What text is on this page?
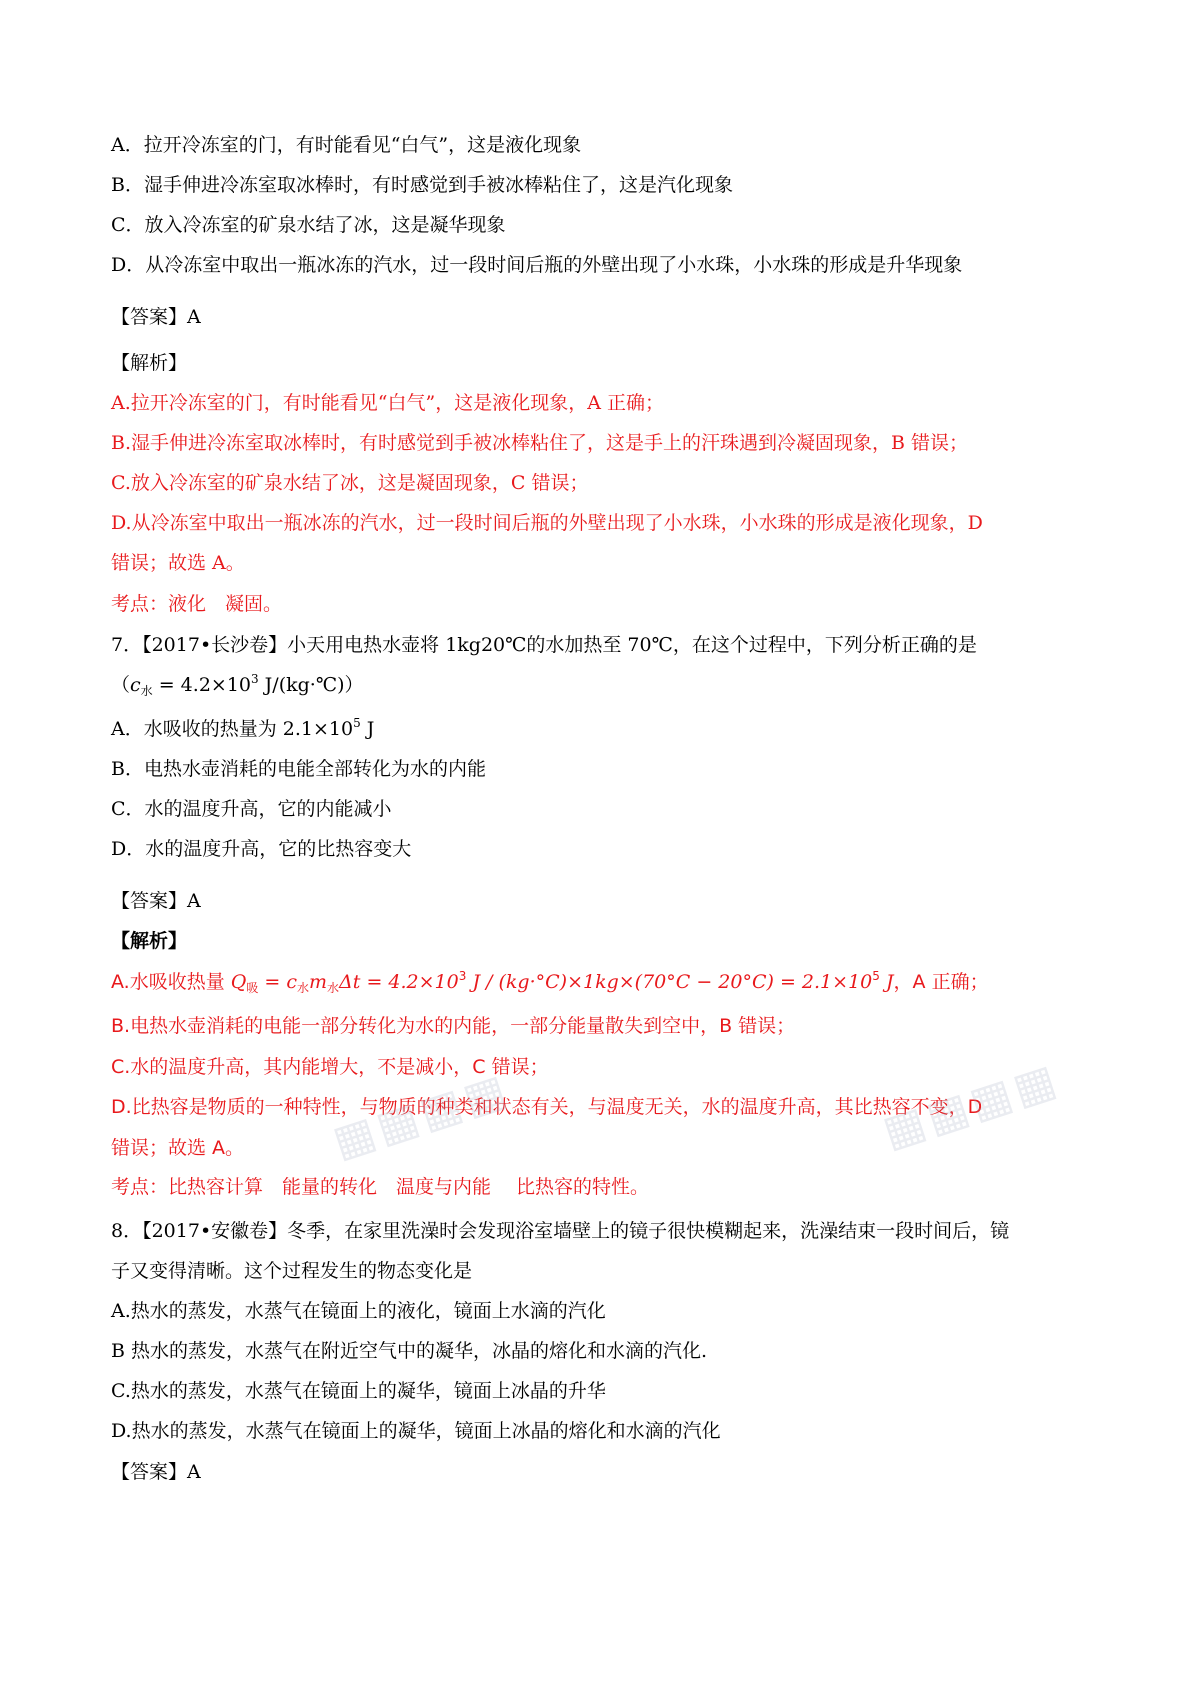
A．拉开冷冻室的门，有时能看见“白气”，这是液化现象
B．湿手伸进冷冻室取冰棒时，有时感觉到手被冰棒粘住了，这是汽化现象
C．放入冷冻室的矿泉水结了冰，这是凝华现象
D．从冷冻室中取出一瓶冰冻的汽水，过一段时间后瓶的外壁出现了小水珠，小水珠的形成是升华现象
【答案】A
【解析】
A.拉开冷冻室的门，有时能看见“白气”，这是液化现象，A 正确；
B.湿手伸进冷冻室取冰棒时，有时感觉到手被冰棒粘住了，这是手上的汗珠遇到冷凝固现象，B 错误；
C.放入冷冻室的矿泉水结了冰，这是凝固现象，C 错误；
D.从冷冻室中取出一瓶冰冻的汽水，过一段时间后瓶的外壁出现了小水珠，小水珠的形成是液化现象，D
错误；故选 A。
考点：液化　凝固。
7．【2017•长沙卷】小天用电热水壶将 1kg20℃的水加热至 70℃，在这个过程中，下列分析正确的是
（$c_水 = 4.2\times 10^3$ J/(kg·℃)）
A．水吸收的热量为 $2.1\times 10^5$ J
B．电热水壶消耗的电能全部转化为水的内能
C．水的温度升高，它的内能减小
D．水的温度升高，它的比热容变大
【答案】A
【解析】
A.水吸收热量 $Q_吸 = c_水m_水\Delta t = 4.2\times 10^3$ $J / (kg\cdot^\circ C)\times 1kg\times(70^\circ C - 20^\circ C) = 2.1\times 10^5$ J，A 正确；
B.电热水壶消耗的电能一部分转化为水的内能，一部分能量散失到空中，B 错误；
C.水的温度升高，其内能增大，不是减小，C 错误；
D.比热容是物质的一种特性，与物质的种类和状态有关，与温度无关，水的温度升高，其比热容不变，D
错误；故选 A。
考点：比热容计算　能量的转化　温度与内能　 比热容的特性。
▦▦▦▦	▦▦▦▦
8．【2017•安徽卷】冬季，在家里洗澡时会发现浴室墙壁上的镜子很快模糊起来，洗澡结束一段时间后，镜
子又变得清晰。这个过程发生的物态变化是
A.热水的蒸发，水蒸气在镜面上的液化，镜面上水滴的汽化
B 热水的蒸发，水蒸气在附近空气中的凝华，冰晶的熔化和水滴的汽化.
C.热水的蒸发，水蒸气在镜面上的凝华，镜面上冰晶的升华
D.热水的蒸发，水蒸气在镜面上的凝华，镜面上冰晶的熔化和水滴的汽化
【答案】A
